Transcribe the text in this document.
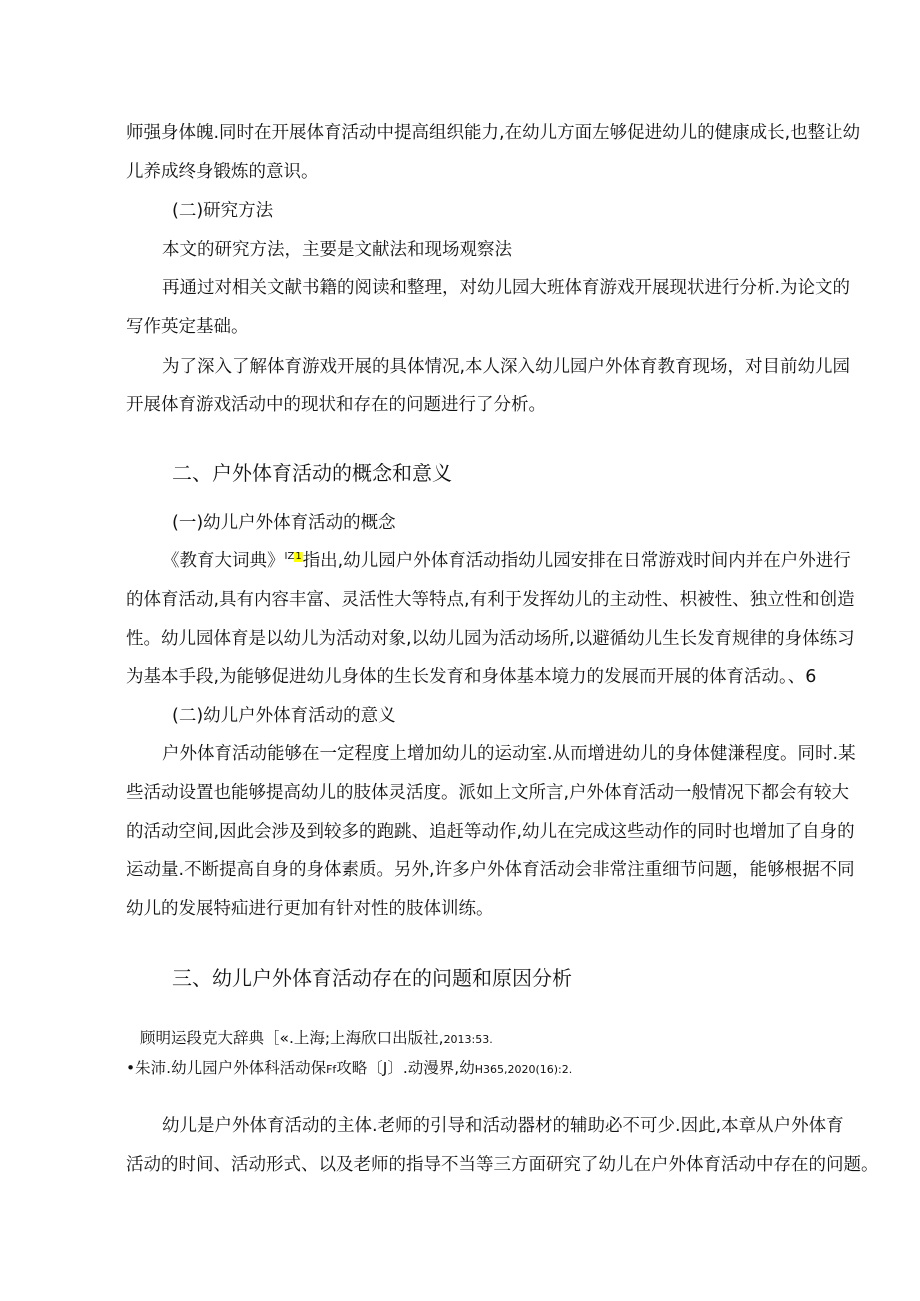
师强身体魄.同时在开展体育活动中提高组织能力,在幼儿方面左够促进幼儿的健康成长,也整让幼
儿养成终身锻炼的意识。
(二)研究方法
本文的研究方法，主要是文献法和现场观察法
再通过对相关文献书籍的阅读和整理，对幼儿园大班体育游戏开展现状进行分析.为论文的
写作英定基础。
为了深入了解体育游戏开展的具体情况,本人深入幼儿园户外体育教育现场，对目前幼儿园
开展体育游戏活动中的现状和存在的问题进行了分析。
二、户外体育活动的概念和意义
(一)幼儿户外体育活动的概念
《教育大词典》$^{IZ}$1指出,幼儿园户外体育活动指幼儿园安排在日常游戏时间内并在户外进行
的体育活动,具有内容丰富、灵活性大等特点,有利于发挥幼儿的主动性、枳被性、独立性和创造
性。幼儿园体育是以幼儿为活动对象,以幼儿园为活动场所,以避循幼儿生长发育规律的身体练习
为基本手段,为能够促进幼儿身体的生长发育和身体基本境力的发展而开展的体育活动。、6
(二)幼儿户外体育活动的意义
户外体育活动能够在一定程度上增加幼儿的运动室.从而增进幼儿的身体健溓程度。同时.某
些活动设置也能够提高幼儿的肢体灵活度。派如上文所言,户外体育活动一般情况下都会有较大
的活动空间,因此会涉及到较多的跑跳、追赶等动作,幼儿在完成这些动作的同时也增加了自身的
运动量.不断提高自身的身体素质。另外,许多户外体育活动会非常注重细节问题，能够根据不同
幼儿的发展特疝进行更加有针对性的肢体训练。
三、幼儿户外体育活动存在的问题和原因分析
顾明运段克大辞典［«.上海;上海欣口出版社,2013:53.
•朱沛.幼儿园户外体科活动保Ff攻略〔J〕.动漫界,幼H365,2020(16):2.
幼儿是户外体育活动的主体.老师的引导和活动器材的辅助必不可少.因此,本章从户外体育
活动的时间、活动形式、以及老师的指导不当等三方面研究了幼儿在户外体育活动中存在的问题。
